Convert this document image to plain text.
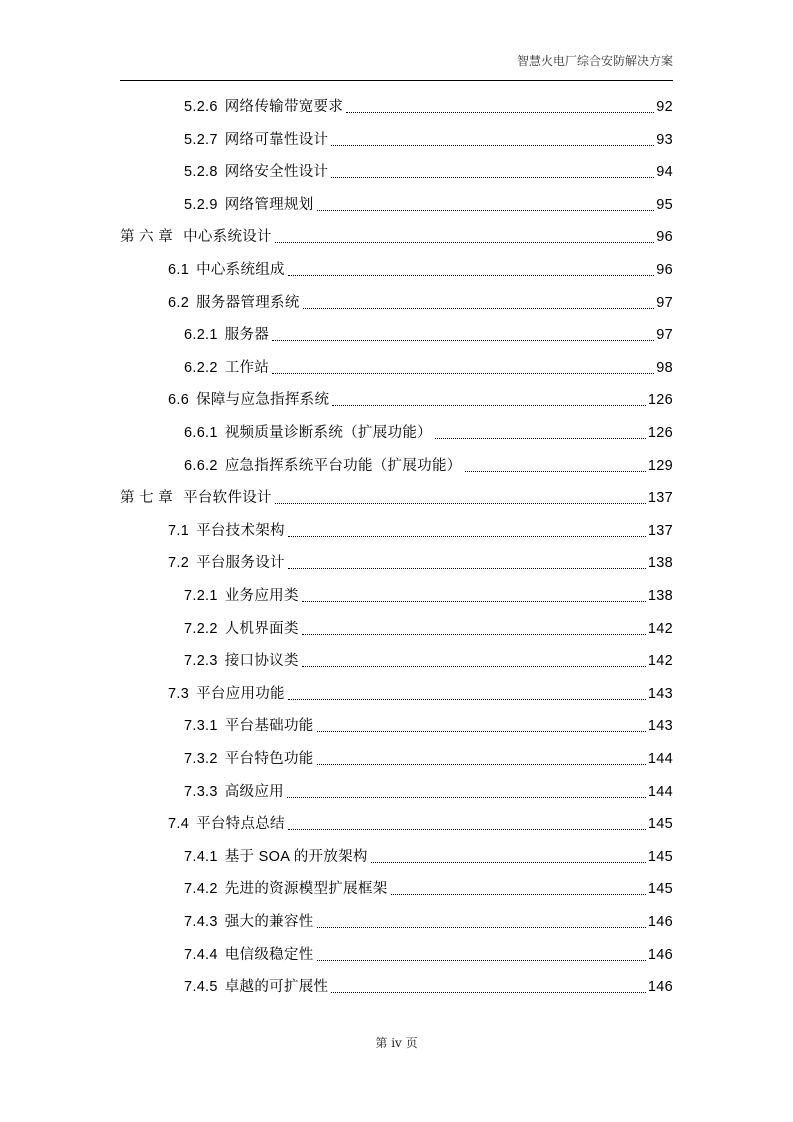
智慧火电厂综合安防解决方案
5.2.6 网络传输带宽要求	92
5.2.7 网络可靠性设计	93
5.2.8 网络安全性设计	94
5.2.9 网络管理规划	95
第 六 章 中心系统设计	96
6.1 中心系统组成	96
6.2 服务器管理系统	97
6.2.1 服务器	97
6.2.2 工作站	98
6.6 保障与应急指挥系统	126
6.6.1 视频质量诊断系统（扩展功能）	126
6.6.2 应急指挥系统平台功能（扩展功能）	129
第 七 章 平台软件设计	137
7.1 平台技术架构	137
7.2 平台服务设计	138
7.2.1 业务应用类	138
7.2.2 人机界面类	142
7.2.3 接口协议类	142
7.3 平台应用功能	143
7.3.1 平台基础功能	143
7.3.2 平台特色功能	144
7.3.3 高级应用	144
7.4 平台特点总结	145
7.4.1 基于 SOA 的开放架构	145
7.4.2 先进的资源模型扩展框架	145
7.4.3 强大的兼容性	146
7.4.4 电信级稳定性	146
7.4.5 卓越的可扩展性	146
第 iv 页
